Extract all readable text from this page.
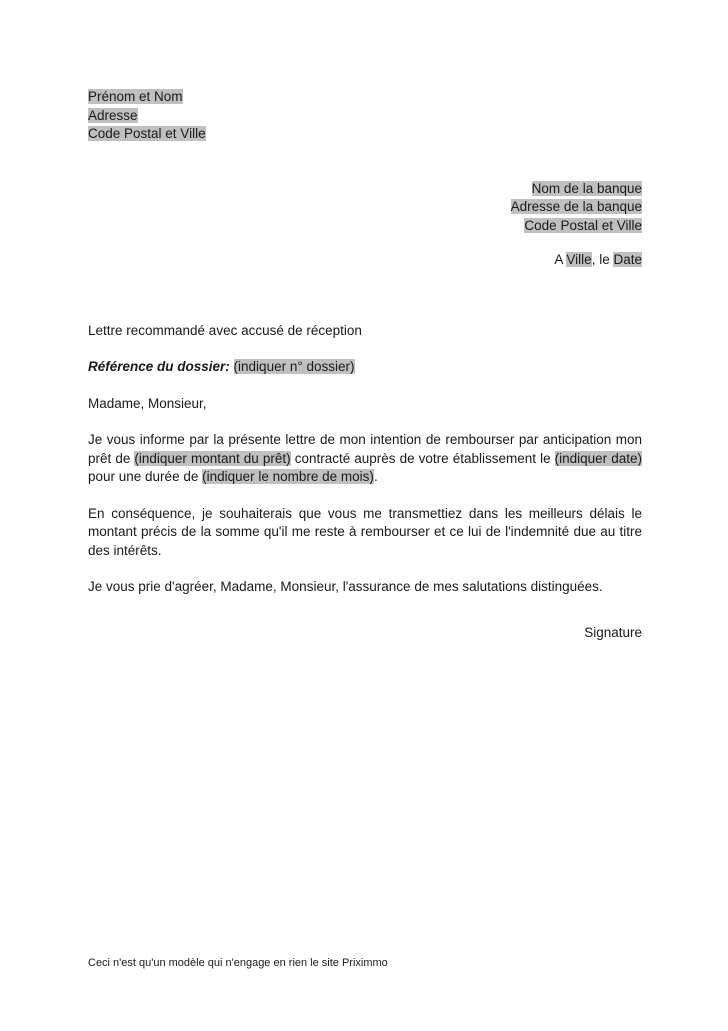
Prénom et Nom
Adresse
Code Postal et Ville
Nom de la banque
Adresse de la banque
Code Postal et Ville
A Ville, le Date
Lettre recommandé avec accusé de réception
Référence du dossier: (indiquer n° dossier)

Madame, Monsieur,

Je vous informe par la présente lettre de mon intention de rembourser par anticipation mon prêt de (indiquer montant du prêt) contracté auprès de votre établissement le (indiquer date) pour une durée de (indiquer le nombre de mois).

En conséquence, je souhaiterais que vous me transmettiez dans les meilleurs délais le montant précis de la somme qu'il me reste à rembourser et ce lui de l'indemnité due au titre des intérêts.

Je vous prie d'agréer, Madame, Monsieur, l'assurance de mes salutations distinguées.

Signature
Ceci n'est qu'un modèle qui n'engage en rien le site Priximmo
